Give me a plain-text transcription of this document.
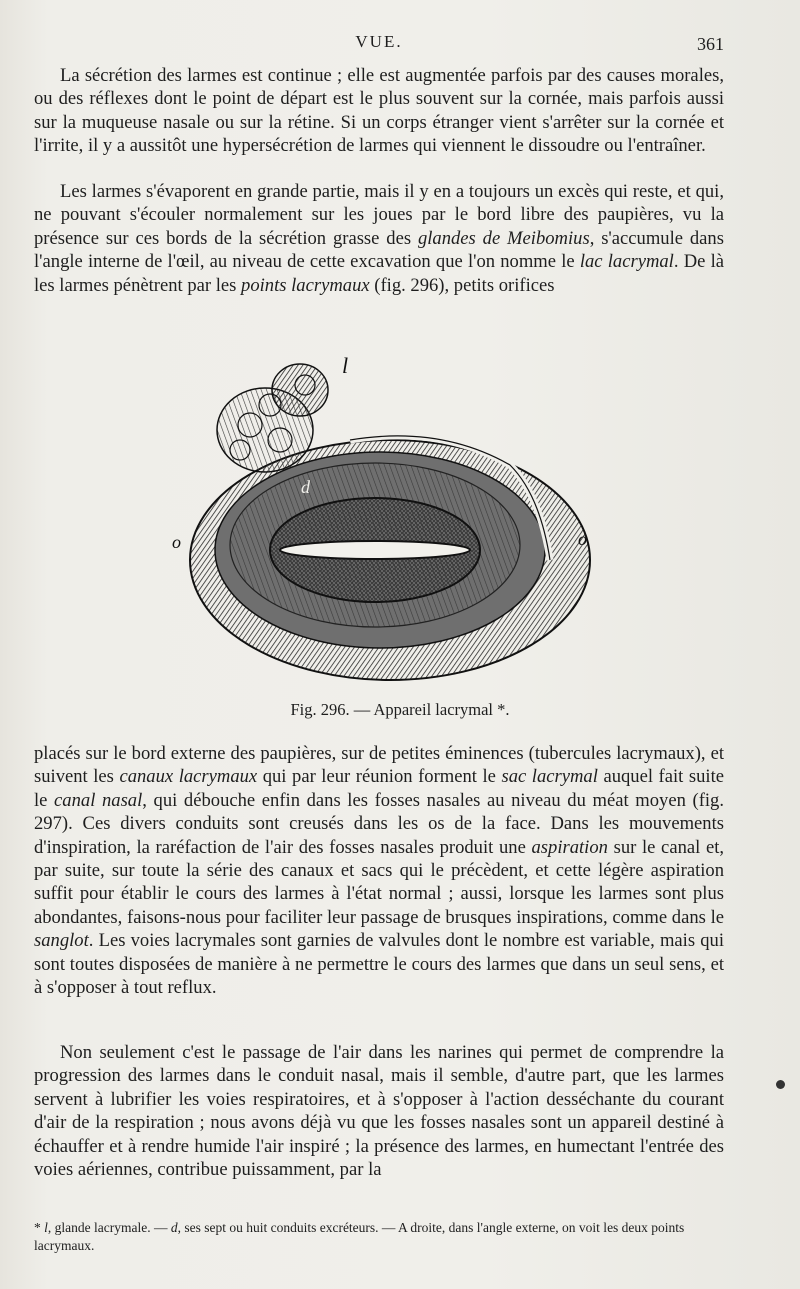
VUE.	361

La sécrétion des larmes est continue ; elle est augmentée parfois par des causes morales, ou des réflexes dont le point de départ est le plus souvent sur la cornée, mais parfois aussi sur la muqueuse nasale ou sur la rétine. Si un corps étranger vient s'arrêter sur la cornée et l'irrite, il y a aussitôt une hypersécrétion de larmes qui viennent le dissoudre ou l'entraîner.

Les larmes s'évaporent en grande partie, mais il y en a toujours un excès qui reste, et qui, ne pouvant s'écouler normalement sur les joues par le bord libre des paupières, vu la présence sur ces bords de la sécrétion grasse des glandes de Meibomius, s'accumule dans l'angle interne de l'œil, au niveau de cette excavation que l'on nomme le lac lacrymal. De là les larmes pénètrent par les points lacrymaux (fig. 296), petits orifices

l
d
o	o
Fig. 296. — Appareil lacrymal *.

placés sur le bord externe des paupières, sur de petites éminences (tubercules lacrymaux), et suivent les canaux lacrymaux qui par leur réunion forment le sac lacrymal auquel fait suite le canal nasal, qui débouche enfin dans les fosses nasales au niveau du méat moyen (fig. 297). Ces divers conduits sont creusés dans les os de la face. Dans les mouvements d'inspiration, la raréfaction de l'air des fosses nasales produit une aspiration sur le canal et, par suite, sur toute la série des canaux et sacs qui le précèdent, et cette légère aspiration suffit pour établir le cours des larmes à l'état normal ; aussi, lorsque les larmes sont plus abondantes, faisons-nous pour faciliter leur passage de brusques inspirations, comme dans le sanglot. Les voies lacrymales sont garnies de valvules dont le nombre est variable, mais qui sont toutes disposées de manière à ne permettre le cours des larmes que dans un seul sens, et à s'opposer à tout reflux.

Non seulement c'est le passage de l'air dans les narines qui permet de comprendre la progression des larmes dans le conduit nasal, mais il semble, d'autre part, que les larmes servent à lubrifier les voies respiratoires, et à s'opposer à l'action desséchante du courant d'air de la respiration ; nous avons déjà vu que les fosses nasales sont un appareil destiné à échauffer et à rendre humide l'air inspiré ; la présence des larmes, en humectant l'entrée des voies aériennes, contribue puissamment, par la

* l, glande lacrymale. — d, ses sept ou huit conduits excréteurs. — A droite, dans l'angle externe, on voit les deux points lacrymaux.
